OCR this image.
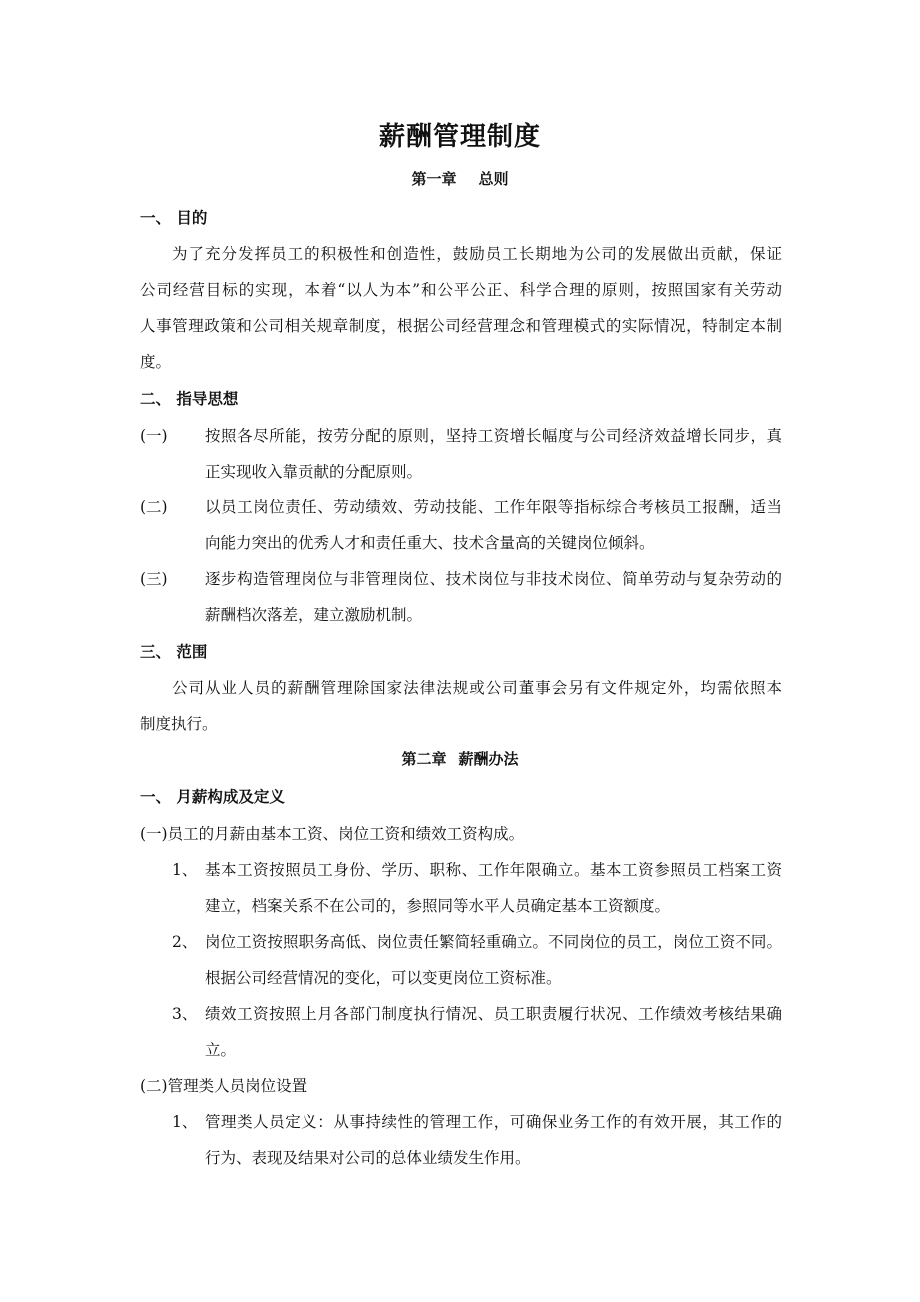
薪酬管理制度
第一章 总则
一、 目的
为了充分发挥员工的积极性和创造性，鼓励员工长期地为公司的发展做出贡献，保证
公司经营目标的实现，本着“以人为本”和公平公正、科学合理的原则，按照国家有关劳动
人事管理政策和公司相关规章制度，根据公司经营理念和管理模式的实际情况，特制定本制
度。
二、 指导思想
(一) 按照各尽所能，按劳分配的原则，坚持工资增长幅度与公司经济效益增长同步，真
正实现收入靠贡献的分配原则。
(二) 以员工岗位责任、劳动绩效、劳动技能、工作年限等指标综合考核员工报酬，适当
向能力突出的优秀人才和责任重大、技术含量高的关键岗位倾斜。
(三) 逐步构造管理岗位与非管理岗位、技术岗位与非技术岗位、简单劳动与复杂劳动的
薪酬档次落差，建立激励机制。
三、 范围
公司从业人员的薪酬管理除国家法律法规或公司董事会另有文件规定外，均需依照本
制度执行。
第二章 薪酬办法
一、 月薪构成及定义
(一)员工的月薪由基本工资、岗位工资和绩效工资构成。
1、 基本工资按照员工身份、学历、职称、工作年限确立。基本工资参照员工档案工资
建立，档案关系不在公司的，参照同等水平人员确定基本工资额度。
2、 岗位工资按照职务高低、岗位责任繁简轻重确立。不同岗位的员工，岗位工资不同。
根据公司经营情况的变化，可以变更岗位工资标准。
3、 绩效工资按照上月各部门制度执行情况、员工职责履行状况、工作绩效考核结果确
立。
(二)管理类人员岗位设置
1、 管理类人员定义：从事持续性的管理工作，可确保业务工作的有效开展，其工作的
行为、表现及结果对公司的总体业绩发生作用。
